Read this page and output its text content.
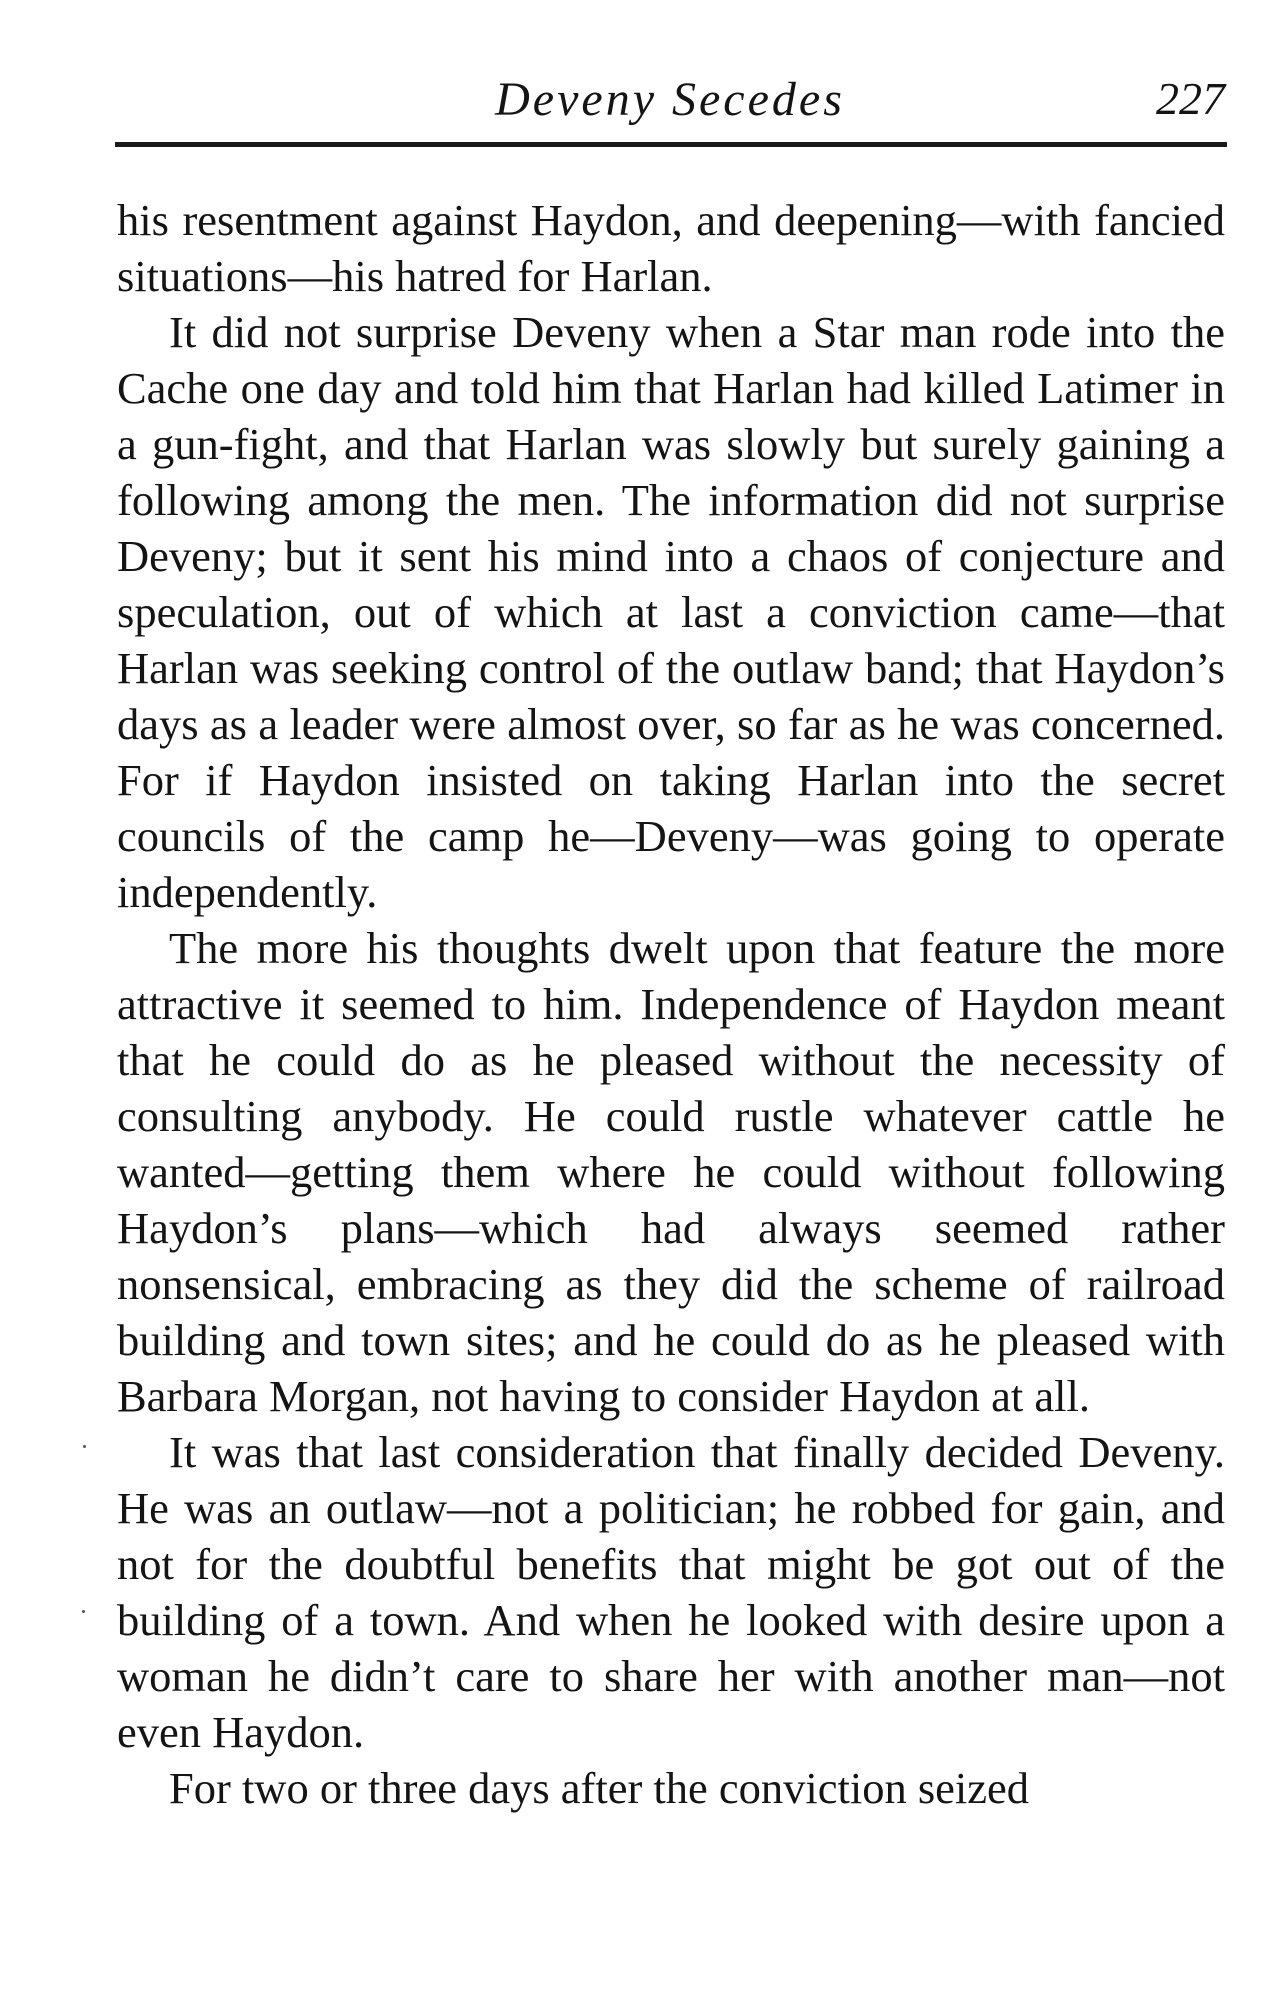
Deveny Secedes	227

his resentment against Haydon, and deepening—with fancied situations—his hatred for Harlan.

It did not surprise Deveny when a Star man rode into the Cache one day and told him that Harlan had killed Latimer in a gun-fight, and that Harlan was slowly but surely gaining a following among the men. The information did not surprise Deveny; but it sent his mind into a chaos of conjecture and speculation, out of which at last a conviction came—that Harlan was seeking control of the outlaw band; that Haydon’s days as a leader were almost over, so far as he was concerned. For if Haydon insisted on taking Harlan into the secret councils of the camp he—Deveny—was going to operate independently.

The more his thoughts dwelt upon that feature the more attractive it seemed to him. Independence of Haydon meant that he could do as he pleased without the necessity of consulting anybody. He could rustle whatever cattle he wanted—getting them where he could without following Haydon’s plans—which had always seemed rather nonsensical, embracing as they did the scheme of railroad building and town sites; and he could do as he pleased with Barbara Morgan, not having to consider Haydon at all.

It was that last consideration that finally decided Deveny. He was an outlaw—not a politician; he robbed for gain, and not for the doubtful benefits that might be got out of the building of a town. And when he looked with desire upon a woman he didn’t care to share her with another man—not even Haydon.

For two or three days after the conviction seized
